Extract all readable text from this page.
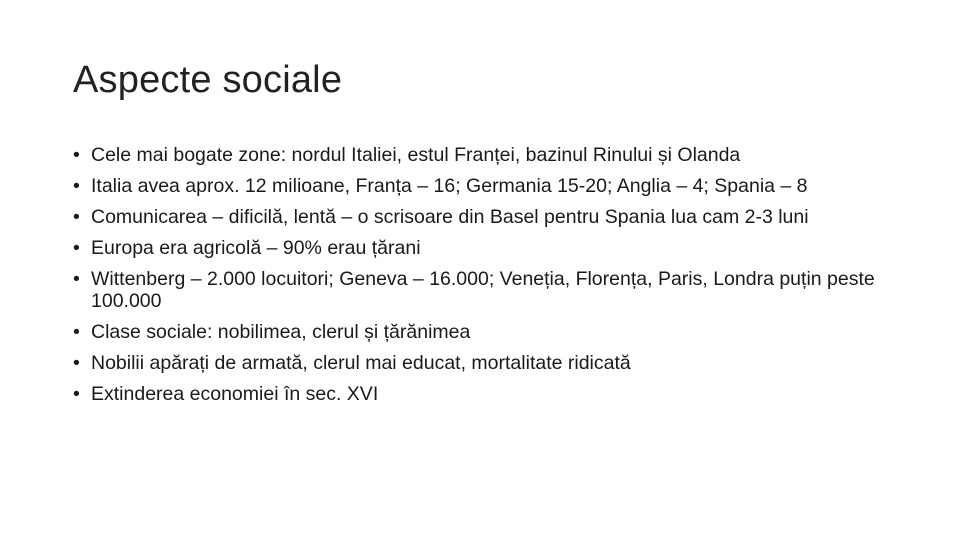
Aspecte sociale
• Cele mai bogate zone: nordul Italiei, estul Franței, bazinul Rinului și Olanda
• Italia avea aprox. 12 milioane, Franța – 16; Germania 15-20; Anglia – 4; Spania – 8
• Comunicarea – dificilă, lentă – o scrisoare din Basel pentru Spania lua cam 2-3 luni
• Europa era agricolă – 90% erau țărani
• Wittenberg – 2.000 locuitori; Geneva – 16.000; Veneția, Florența, Paris, Londra puțin peste 100.000
• Clase sociale: nobilimea, clerul și țărănimea
• Nobilii apărați de armată, clerul mai educat, mortalitate ridicată
• Extinderea economiei în sec. XVI
